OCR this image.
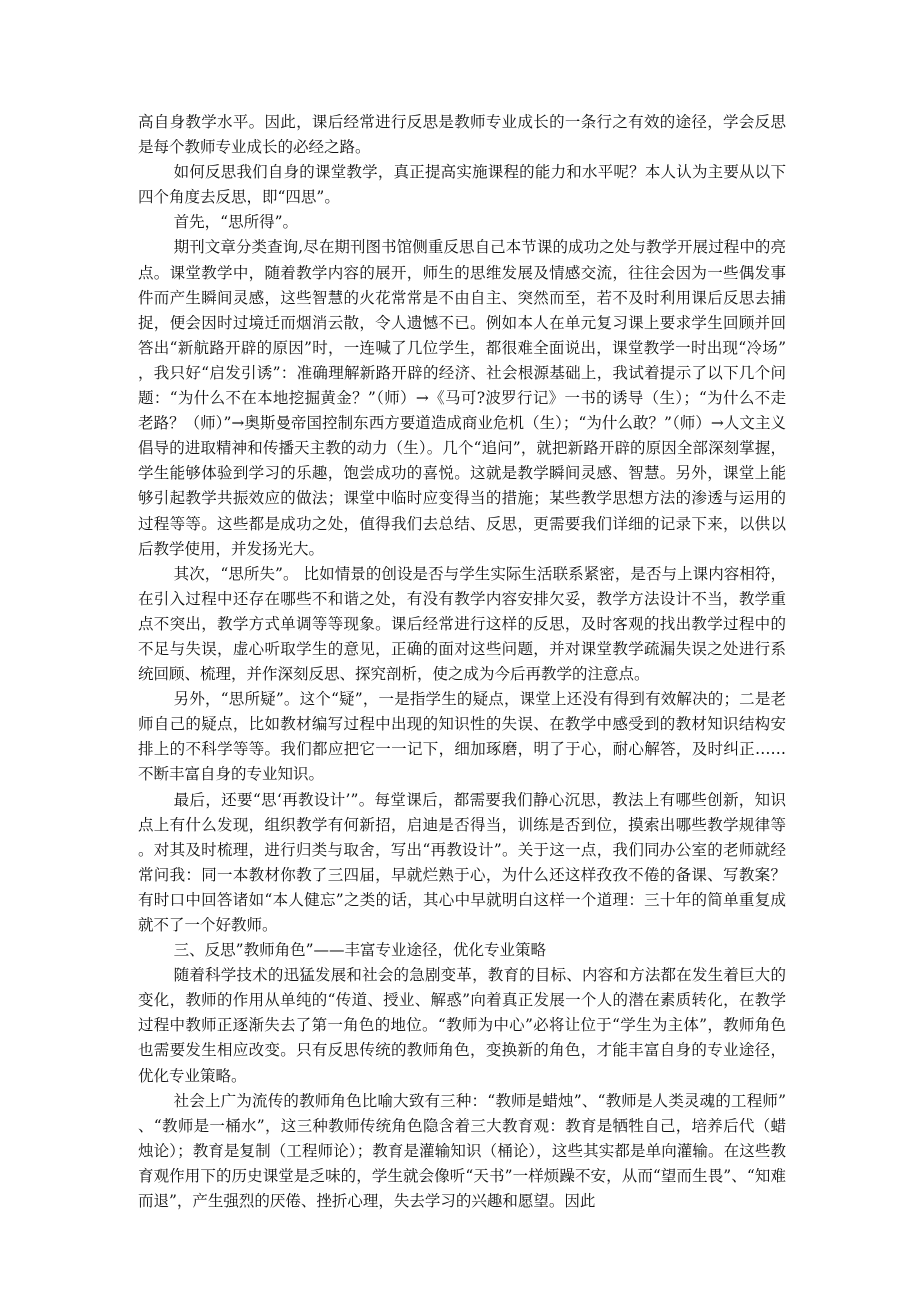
高自身教学水平。因此，课后经常进行反思是教师专业成长的一条行之有效的途径，学会反思是每个教师专业成长的必经之路。

如何反思我们自身的课堂教学，真正提高实施课程的能力和水平呢？本人认为主要从以下四个角度去反思，即“四思”。

首先，“思所得”。

期刊文章分类查询,尽在期刊图书馆侧重反思自己本节课的成功之处与教学开展过程中的亮点。课堂教学中，随着教学内容的展开，师生的思维发展及情感交流，往往会因为一些偶发事件而产生瞬间灵感，这些智慧的火花常常是不由自主、突然而至，若不及时利用课后反思去捕捉，便会因时过境迁而烟消云散，令人遗憾不已。例如本人在单元复习课上要求学生回顾并回答出“新航路开辟的原因”时，一连喊了几位学生，都很难全面说出，课堂教学一时出现“冷场”，我只好“启发引诱”：准确理解新路开辟的经济、社会根源基础上，我试着提示了以下几个问题：“为什么不在本地挖掘黄金？”（师）→《马可?波罗行记》一书的诱导（生）；“为什么不走老路？（师）”→奥斯曼帝国控制东西方要道造成商业危机（生）；“为什么敢？”（师）→人文主义倡导的进取精神和传播天主教的动力（生）。几个“追问”，就把新路开辟的原因全部深刻掌握，学生能够体验到学习的乐趣，饱尝成功的喜悦。这就是教学瞬间灵感、智慧。另外，课堂上能够引起教学共振效应的做法；课堂中临时应变得当的措施；某些教学思想方法的渗透与运用的过程等等。这些都是成功之处，值得我们去总结、反思，更需要我们详细的记录下来，以供以后教学使用，并发扬光大。

其次，“思所失”。 比如情景的创设是否与学生实际生活联系紧密，是否与上课内容相符，在引入过程中还存在哪些不和谐之处，有没有教学内容安排欠妥，教学方法设计不当，教学重点不突出，教学方式单调等等现象。课后经常进行这样的反思，及时客观的找出教学过程中的不足与失误，虚心听取学生的意见，正确的面对这些问题，并对课堂教学疏漏失误之处进行系统回顾、梳理，并作深刻反思、探究剖析，使之成为今后再教学的注意点。

另外，“思所疑”。这个“疑”，一是指学生的疑点，课堂上还没有得到有效解决的；二是老师自己的疑点，比如教材编写过程中出现的知识性的失误、在教学中感受到的教材知识结构安排上的不科学等等。我们都应把它一一记下，细加琢磨，明了于心，耐心解答，及时纠正……不断丰富自身的专业知识。

最后，还要“思‘再教设计’”。每堂课后，都需要我们静心沉思，教法上有哪些创新，知识点上有什么发现，组织教学有何新招，启迪是否得当，训练是否到位，摸索出哪些教学规律等。对其及时梳理，进行归类与取舍，写出“再教设计”。关于这一点，我们同办公室的老师就经常问我：同一本教材你教了三四届，早就烂熟于心，为什么还这样孜孜不倦的备课、写教案？有时口中回答诸如“本人健忘”之类的话，其心中早就明白这样一个道理：三十年的简单重复成就不了一个好教师。

三、反思”教师角色”——丰富专业途径，优化专业策略

随着科学技术的迅猛发展和社会的急剧变革，教育的目标、内容和方法都在发生着巨大的变化，教师的作用从单纯的“传道、授业、解惑”向着真正发展一个人的潜在素质转化，在教学过程中教师正逐渐失去了第一角色的地位。“教师为中心”必将让位于“学生为主体”，教师角色也需要发生相应改变。只有反思传统的教师角色，变换新的角色，才能丰富自身的专业途径，优化专业策略。

社会上广为流传的教师角色比喻大致有三种：“教师是蜡烛”、“教师是人类灵魂的工程师”、“教师是一桶水”，这三种教师传统角色隐含着三大教育观：教育是牺牲自己，培养后代（蜡烛论）；教育是复制（工程师论）；教育是灌输知识（桶论），这些其实都是单向灌输。在这些教育观作用下的历史课堂是乏味的，学生就会像听“天书”一样烦躁不安，从而“望而生畏”、“知难而退”，产生强烈的厌倦、挫折心理，失去学习的兴趣和愿望。因此
